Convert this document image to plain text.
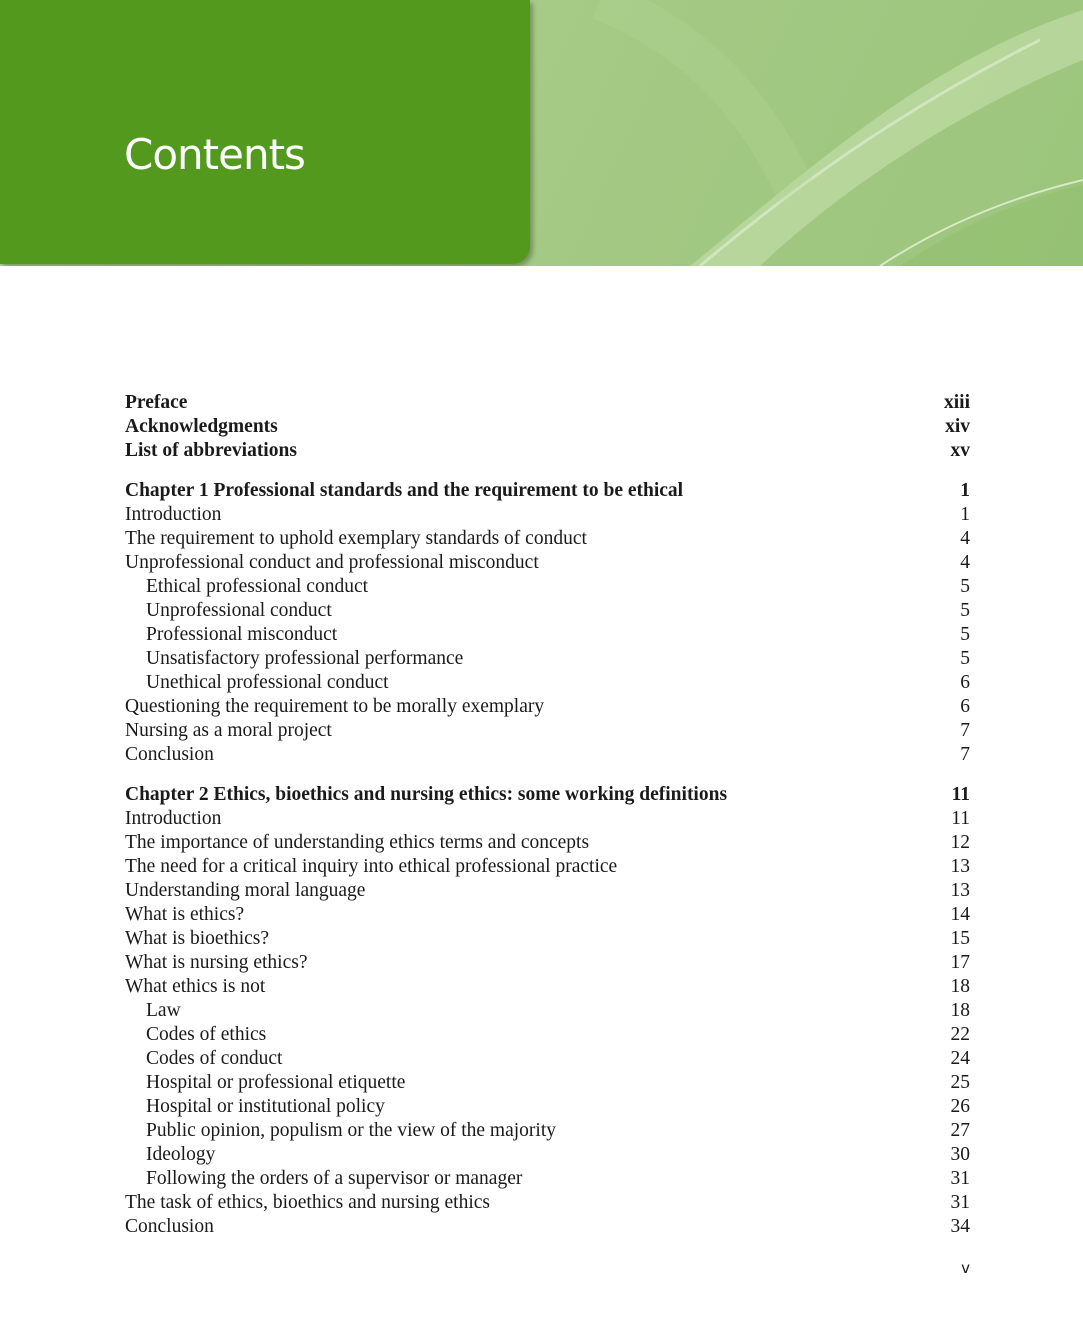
Contents
Preface	xiii
Acknowledgments	xiv
List of abbreviations	xv
Chapter 1 Professional standards and the requirement to be ethical	1
Introduction	1
The requirement to uphold exemplary standards of conduct	4
Unprofessional conduct and professional misconduct	4
Ethical professional conduct	5
Unprofessional conduct	5
Professional misconduct	5
Unsatisfactory professional performance	5
Unethical professional conduct	6
Questioning the requirement to be morally exemplary	6
Nursing as a moral project	7
Conclusion	7
Chapter 2 Ethics, bioethics and nursing ethics: some working definitions	11
Introduction	11
The importance of understanding ethics terms and concepts	12
The need for a critical inquiry into ethical professional practice	13
Understanding moral language	13
What is ethics?	14
What is bioethics?	15
What is nursing ethics?	17
What ethics is not	18
Law	18
Codes of ethics	22
Codes of conduct	24
Hospital or professional etiquette	25
Hospital or institutional policy	26
Public opinion, populism or the view of the majority	27
Ideology	30
Following the orders of a supervisor or manager	31
The task of ethics, bioethics and nursing ethics	31
Conclusion	34
v
